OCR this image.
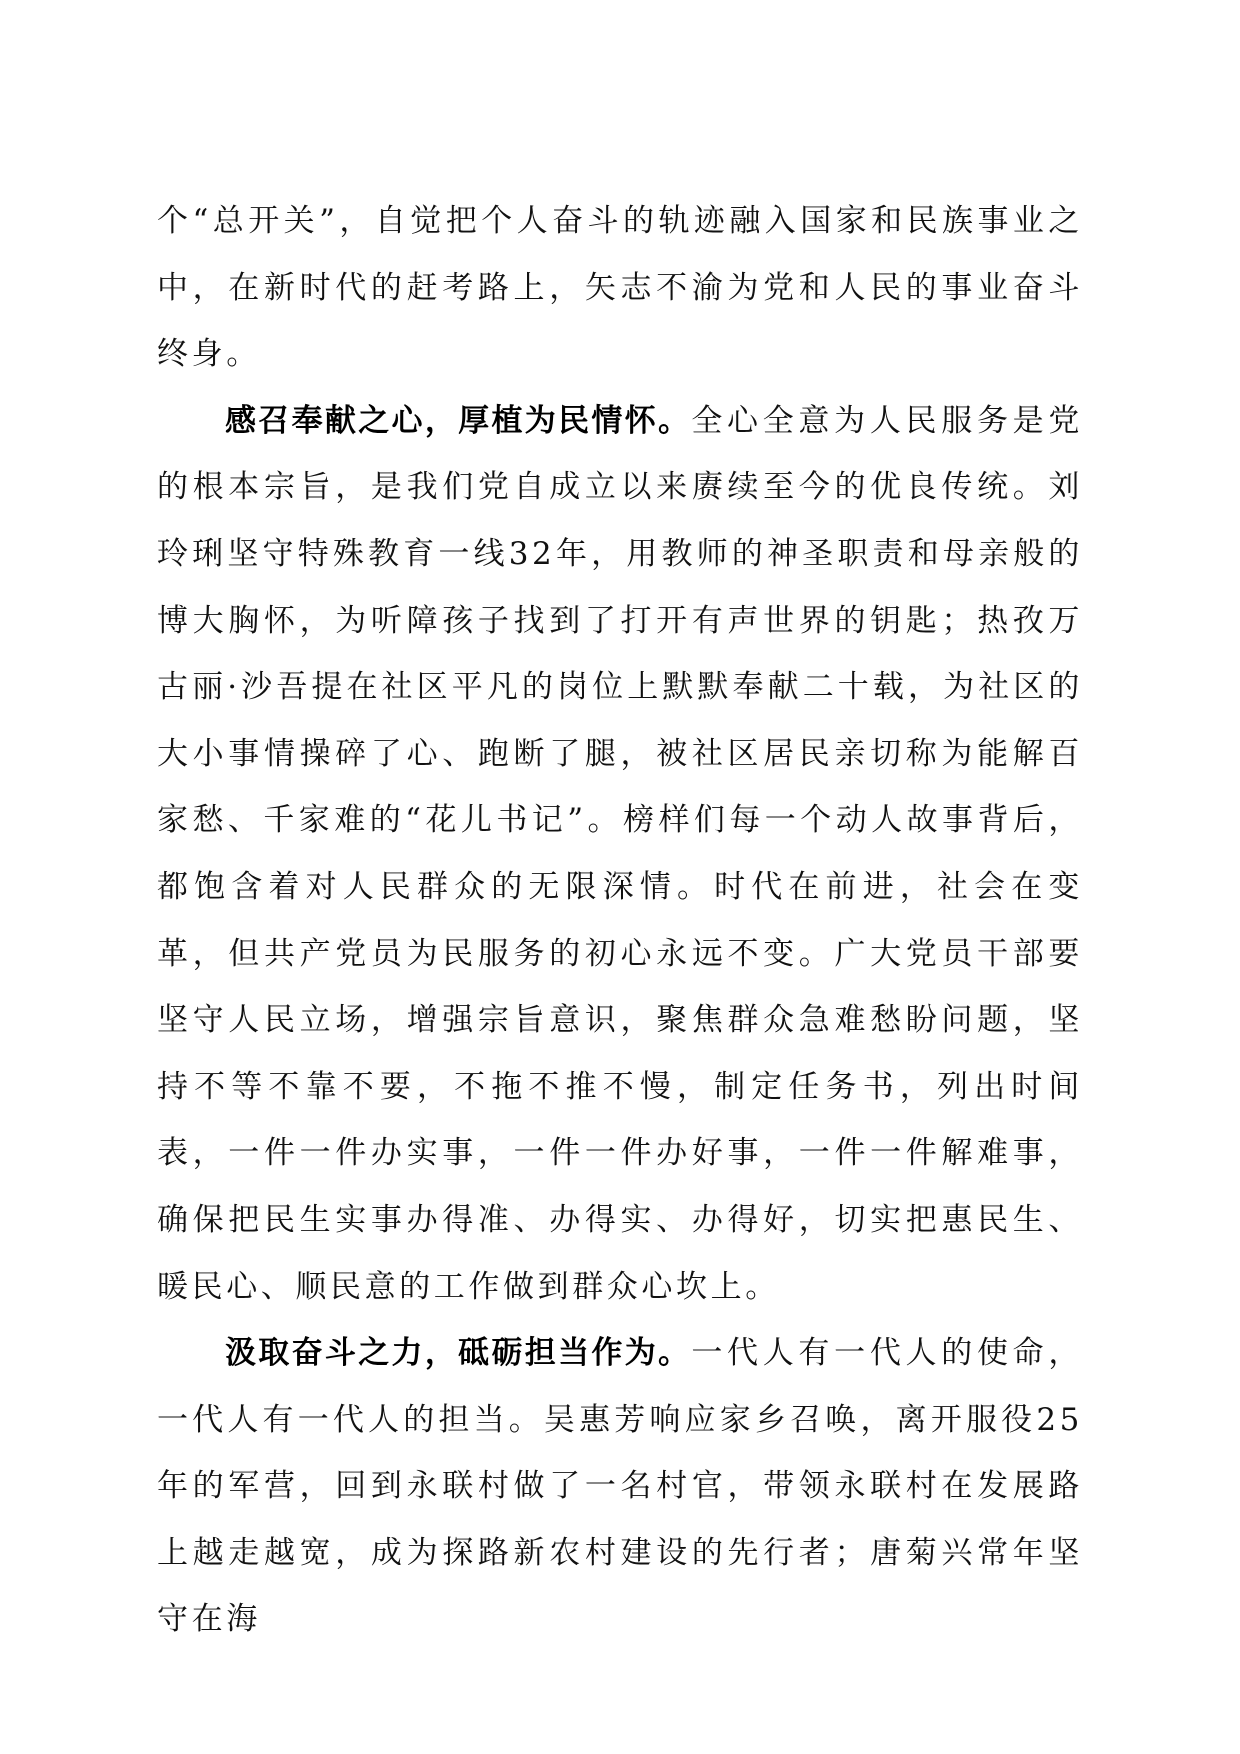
个“总开关”，自觉把个人奋斗的轨迹融入国家和民族事业之中，在新时代的赶考路上，矢志不渝为党和人民的事业奋斗终身。

感召奉献之心，厚植为民情怀。全心全意为人民服务是党的根本宗旨，是我们党自成立以来赓续至今的优良传统。刘玲琍坚守特殊教育一线32年，用教师的神圣职责和母亲般的博大胸怀，为听障孩子找到了打开有声世界的钥匙；热孜万古丽·沙吾提在社区平凡的岗位上默默奉献二十载，为社区的大小事情操碎了心、跑断了腿，被社区居民亲切称为能解百家愁、千家难的“花儿书记”。榜样们每一个动人故事背后，都饱含着对人民群众的无限深情。时代在前进，社会在变革，但共产党员为民服务的初心永远不变。广大党员干部要坚守人民立场，增强宗旨意识，聚焦群众急难愁盼问题，坚持不等不靠不要，不拖不推不慢，制定任务书，列出时间表，一件一件办实事，一件一件办好事，一件一件解难事，确保把民生实事办得准、办得实、办得好，切实把惠民生、暖民心、顺民意的工作做到群众心坎上。

汲取奋斗之力，砥砺担当作为。一代人有一代人的使命，一代人有一代人的担当。吴惠芳响应家乡召唤，离开服役25年的军营，回到永联村做了一名村官，带领永联村在发展路上越走越宽，成为探路新农村建设的先行者；唐菊兴常年坚守在海
